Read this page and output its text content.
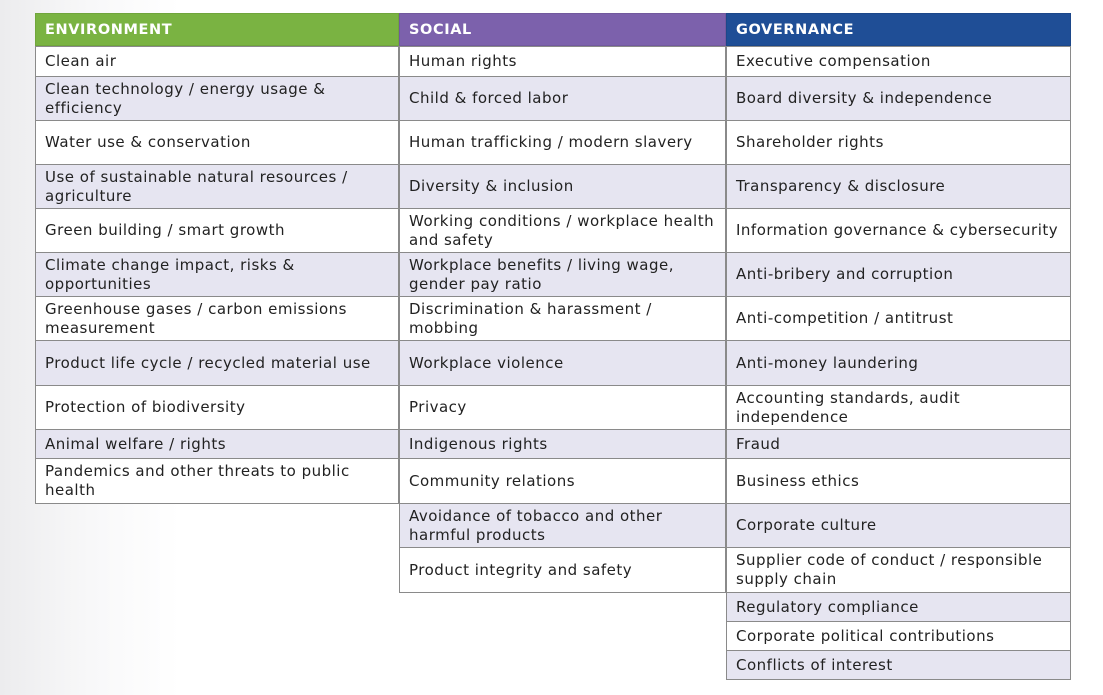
ENVIRONMENT
Clean air
Clean technology / energy usage & efficiency
Water use & conservation
Use of sustainable natural resources / agriculture
Green building / smart growth
Climate change impact, risks & opportunities
Greenhouse gases / carbon emissions measurement
Product life cycle / recycled material use
Protection of biodiversity
Animal welfare / rights
Pandemics and other threats to public health
SOCIAL
Human rights
Child & forced labor
Human trafficking / modern slavery
Diversity & inclusion
Working conditions / workplace health and safety
Workplace benefits / living wage, gender pay ratio
Discrimination & harassment / mobbing
Workplace violence
Privacy
Indigenous rights
Community relations
Avoidance of tobacco and other harmful products
Product integrity and safety
GOVERNANCE
Executive compensation
Board diversity & independence
Shareholder rights
Transparency & disclosure
Information governance & cybersecurity
Anti-bribery and corruption
Anti-competition / antitrust
Anti-money laundering
Accounting standards, audit independence
Fraud
Business ethics
Corporate culture
Supplier code of conduct / responsible supply chain
Regulatory compliance
Corporate political contributions
Conflicts of interest
